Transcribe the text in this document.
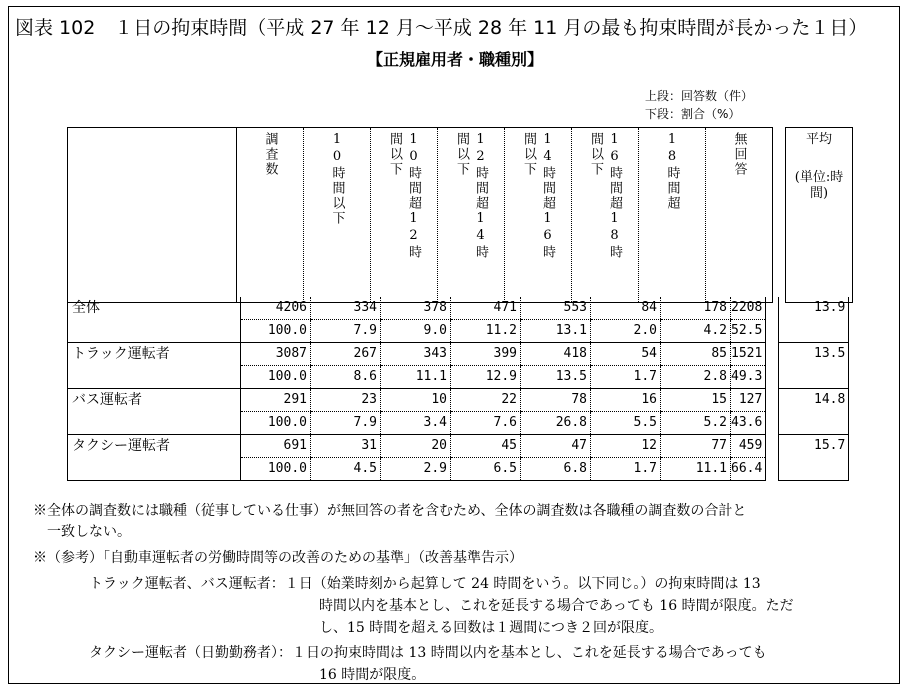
図表 102　１日の拘束時間（平成 27 年 12 月～平成 28 年 11 月の最も拘束時間が長かった１日）
【正規雇用者・職種別】
上段：回答数（件）
下段：割合（%）

調査数	10時間以下	間以下 10時間超12時	間以下 12時間超14時	間以下 14時間超16時	間以下 16時間超18時	18時間超	無回答		平均
(単位:時間)
全体	4206	334	378	471	553	84	178	2208		13.9
	100.0	7.9	9.0	11.2	13.1	2.0	4.2	52.5		
トラック運転者	3087	267	343	399	418	54	85	1521		13.5
	100.0	8.6	11.1	12.9	13.5	1.7	2.8	49.3		
バス運転者	291	23	10	22	78	16	15	127		14.8
	100.0	7.9	3.4	7.6	26.8	5.5	5.2	43.6		
タクシー運転者	691	31	20	45	47	12	77	459		15.7
	100.0	4.5	2.9	6.5	6.8	1.7	11.1	66.4		
※全体の調査数には職種（従事している仕事）が無回答の者を含むため、全体の調査数は各職種の調査数の合計と
一致しない。
※（参考）「自動車運転者の労働時間等の改善のための基準」（改善基準告示）
トラック運転者、バス運転者：１日（始業時刻から起算して 24 時間をいう。以下同じ。）の拘束時間は 13
時間以内を基本とし、これを延長する場合であっても 16 時間が限度。ただ
し、15 時間を超える回数は１週間につき２回が限度。
タクシー運転者（日勤勤務者）：１日の拘束時間は 13 時間以内を基本とし、これを延長する場合であっても
16 時間が限度。
